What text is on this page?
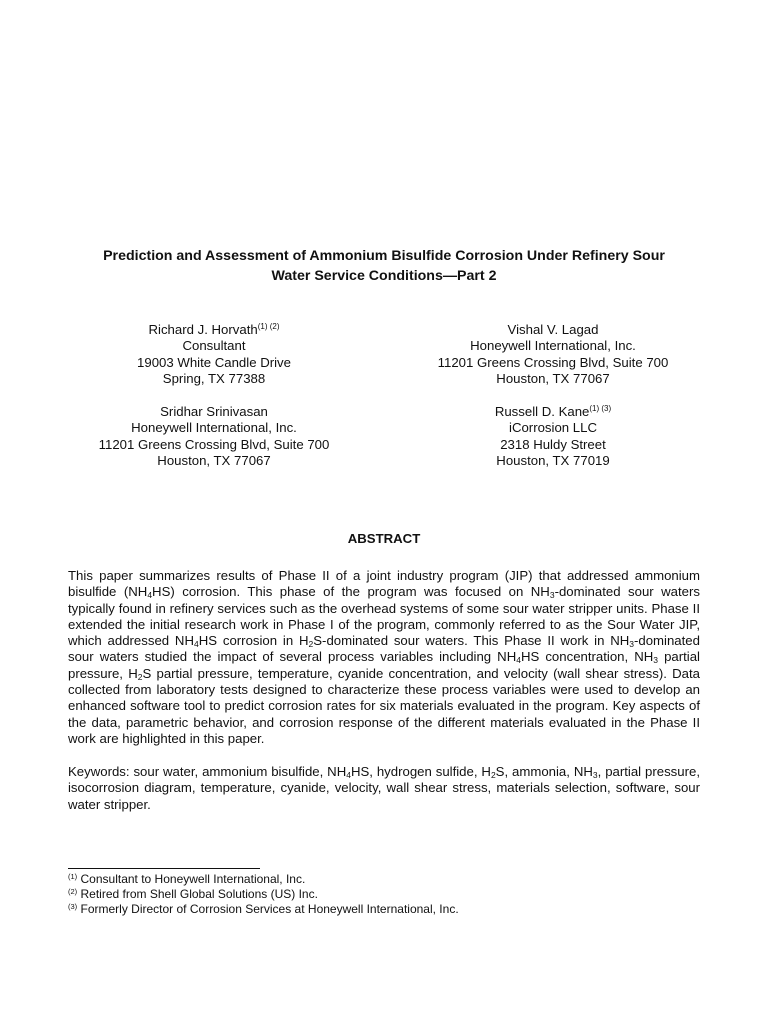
Prediction and Assessment of Ammonium Bisulfide Corrosion Under Refinery Sour
Water Service Conditions—Part 2
Richard J. Horvath$^{(1) (2)}$
Consultant
19003 White Candle Drive
Spring, TX 77388
Vishal V. Lagad
Honeywell International, Inc.
11201 Greens Crossing Blvd, Suite 700
Houston, TX 77067
Sridhar Srinivasan
Honeywell International, Inc.
11201 Greens Crossing Blvd, Suite 700
Houston, TX 77067
Russell D. Kane$^{(1) (3)}$
iCorrosion LLC
2318 Huldy Street
Houston, TX 77019
ABSTRACT
This paper summarizes results of Phase II of a joint industry program (JIP) that addressed ammonium bisulfide $(NH_4HS)$ corrosion. This phase of the program was focused on $NH_3$-dominated sour waters typically found in refinery services such as the overhead systems of some sour water stripper units. Phase II extended the initial research work in Phase I of the program, commonly referred to as the Sour Water JIP, which addressed $NH_4HS$ corrosion in $H_2S$-dominated sour waters. This Phase II work in $NH_3$-dominated sour waters studied the impact of several process variables including $NH_4HS$ concentration, $NH_3$ partial pressure, $H_2S$ partial pressure, temperature, cyanide concentration, and velocity (wall shear stress). Data collected from laboratory tests designed to characterize these process variables were used to develop an enhanced software tool to predict corrosion rates for six materials evaluated in the program. Key aspects of the data, parametric behavior, and corrosion response of the different materials evaluated in the Phase II work are highlighted in this paper.
Keywords: sour water, ammonium bisulfide, $NH_4HS$, hydrogen sulfide, $H_2S$, ammonia, $NH_3$, partial pressure, isocorrosion diagram, temperature, cyanide, velocity, wall shear stress, materials selection, software, sour water stripper.
$^{(1)}$ Consultant to Honeywell International, Inc.
$^{(2)}$ Retired from Shell Global Solutions (US) Inc.
$^{(3)}$ Formerly Director of Corrosion Services at Honeywell International, Inc.
